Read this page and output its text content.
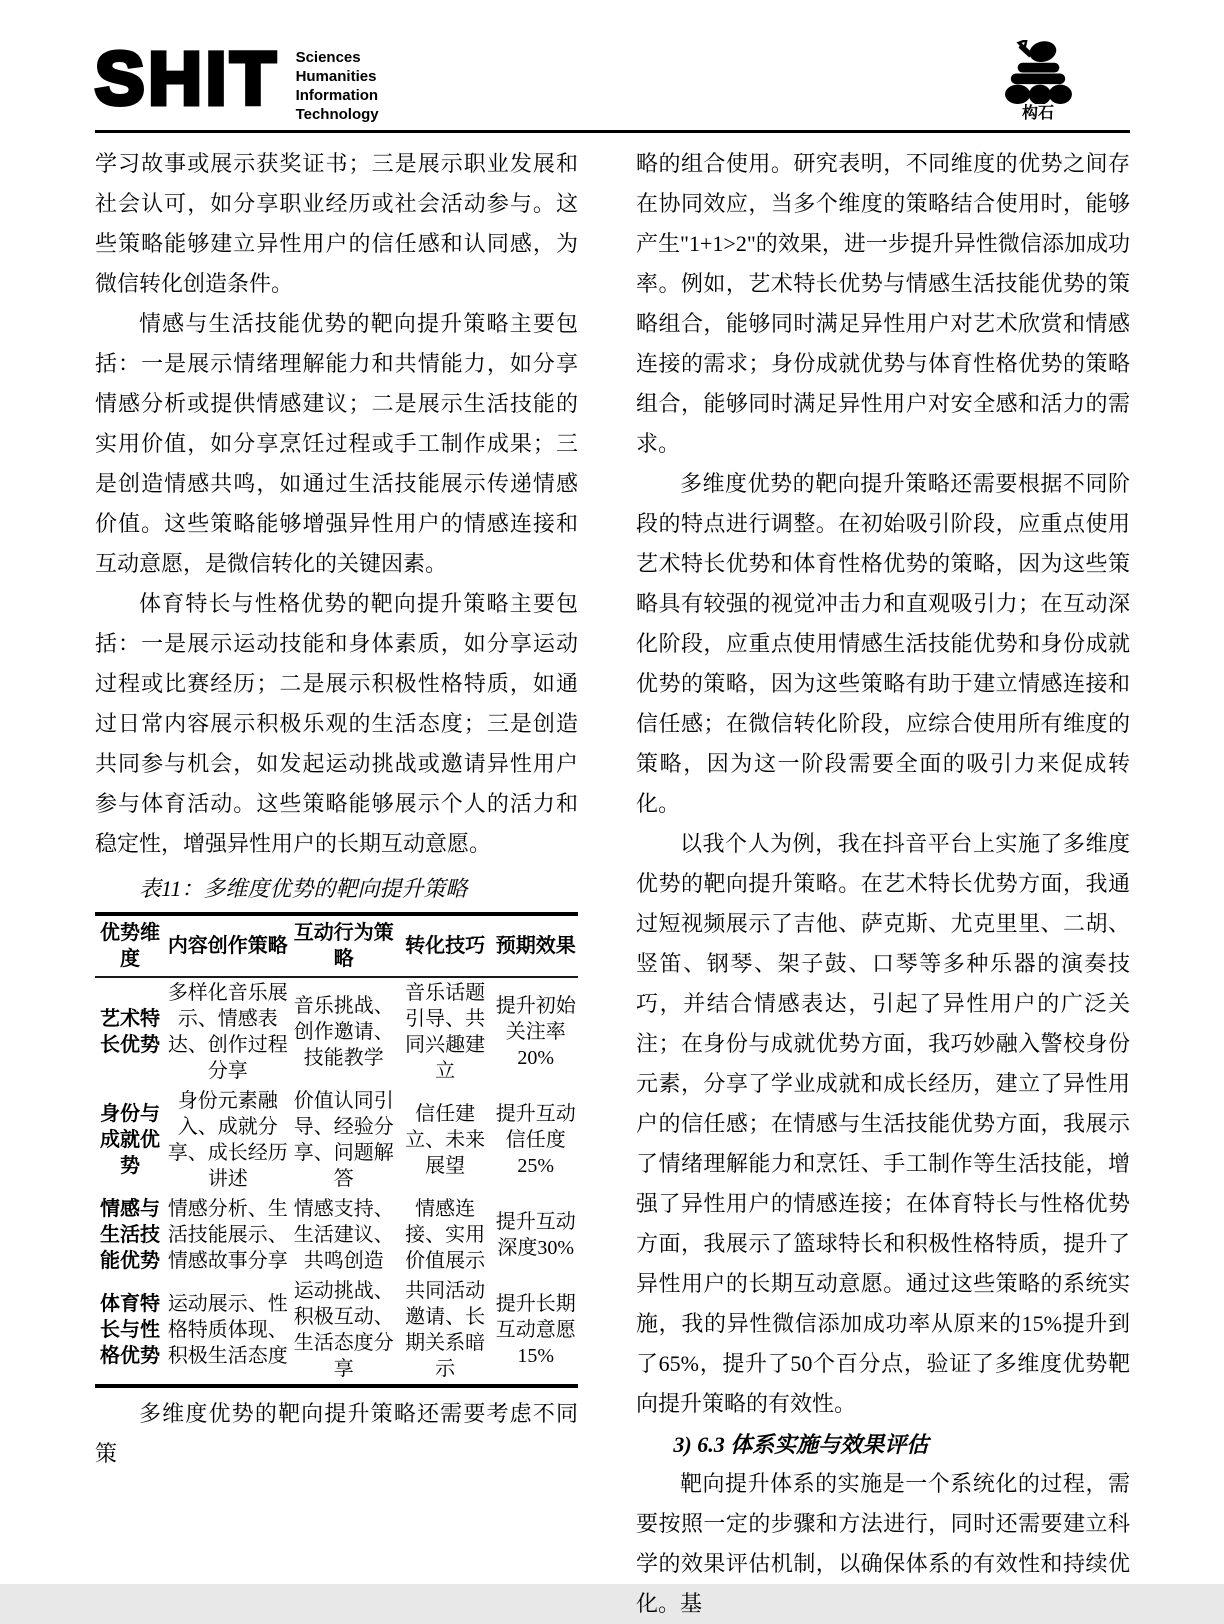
SHIT Sciences
Humanities
Information
Technology	构石

学习故事或展示获奖证书；三是展示职业发展和社会认可，如分享职业经历或社会活动参与。这些策略能够建立异性用户的信任感和认同感，为微信转化创造条件。

情感与生活技能优势的靶向提升策略主要包括：一是展示情绪理解能力和共情能力，如分享情感分析或提供情感建议；二是展示生活技能的实用价值，如分享烹饪过程或手工制作成果；三是创造情感共鸣，如通过生活技能展示传递情感价值。这些策略能够增强异性用户的情感连接和互动意愿，是微信转化的关键因素。

体育特长与性格优势的靶向提升策略主要包括：一是展示运动技能和身体素质，如分享运动过程或比赛经历；二是展示积极性格特质，如通过日常内容展示积极乐观的生活态度；三是创造共同参与机会，如发起运动挑战或邀请异性用户参与体育活动。这些策略能够展示个人的活力和稳定性，增强异性用户的长期互动意愿。

表11：多维度优势的靶向提升策略

优势维度	内容创作策略	互动行为策略	转化技巧	预期效果
艺术特长优势	多样化音乐展示、情感表达、创作过程分享	音乐挑战、创作邀请、技能教学	音乐话题引导、共同兴趣建立	提升初始关注率20%
身份与成就优势	身份元素融入、成就分享、成长经历讲述	价值认同引导、经验分享、问题解答	信任建立、未来展望	提升互动信任度25%
情感与生活技能优势	情感分析、生活技能展示、情感故事分享	情感支持、生活建议、共鸣创造	情感连接、实用价值展示	提升互动深度30%
体育特长与性格优势	运动展示、性格特质体现、积极生活态度	运动挑战、积极互动、生活态度分享	共同活动邀请、长期关系暗示	提升长期互动意愿15%

多维度优势的靶向提升策略还需要考虑不同策

略的组合使用。研究表明，不同维度的优势之间存在协同效应，当多个维度的策略结合使用时，能够产生"1+1>2"的效果，进一步提升异性微信添加成功率。例如，艺术特长优势与情感生活技能优势的策略组合，能够同时满足异性用户对艺术欣赏和情感连接的需求；身份成就优势与体育性格优势的策略组合，能够同时满足异性用户对安全感和活力的需求。

多维度优势的靶向提升策略还需要根据不同阶段的特点进行调整。在初始吸引阶段，应重点使用艺术特长优势和体育性格优势的策略，因为这些策略具有较强的视觉冲击力和直观吸引力；在互动深化阶段，应重点使用情感生活技能优势和身份成就优势的策略，因为这些策略有助于建立情感连接和信任感；在微信转化阶段，应综合使用所有维度的策略，因为这一阶段需要全面的吸引力来促成转化。

以我个人为例，我在抖音平台上实施了多维度优势的靶向提升策略。在艺术特长优势方面，我通过短视频展示了吉他、萨克斯、尤克里里、二胡、竖笛、钢琴、架子鼓、口琴等多种乐器的演奏技巧，并结合情感表达，引起了异性用户的广泛关注；在身份与成就优势方面，我巧妙融入警校身份元素，分享了学业成就和成长经历，建立了异性用户的信任感；在情感与生活技能优势方面，我展示了情绪理解能力和烹饪、手工制作等生活技能，增强了异性用户的情感连接；在体育特长与性格优势方面，我展示了篮球特长和积极性格特质，提升了异性用户的长期互动意愿。通过这些策略的系统实施，我的异性微信添加成功率从原来的15%提升到了65%，提升了50个百分点，验证了多维度优势靶向提升策略的有效性。

3) 6.3 体系实施与效果评估

靶向提升体系的实施是一个系统化的过程，需要按照一定的步骤和方法进行，同时还需要建立科学的效果评估机制，以确保体系的有效性和持续优化。基
